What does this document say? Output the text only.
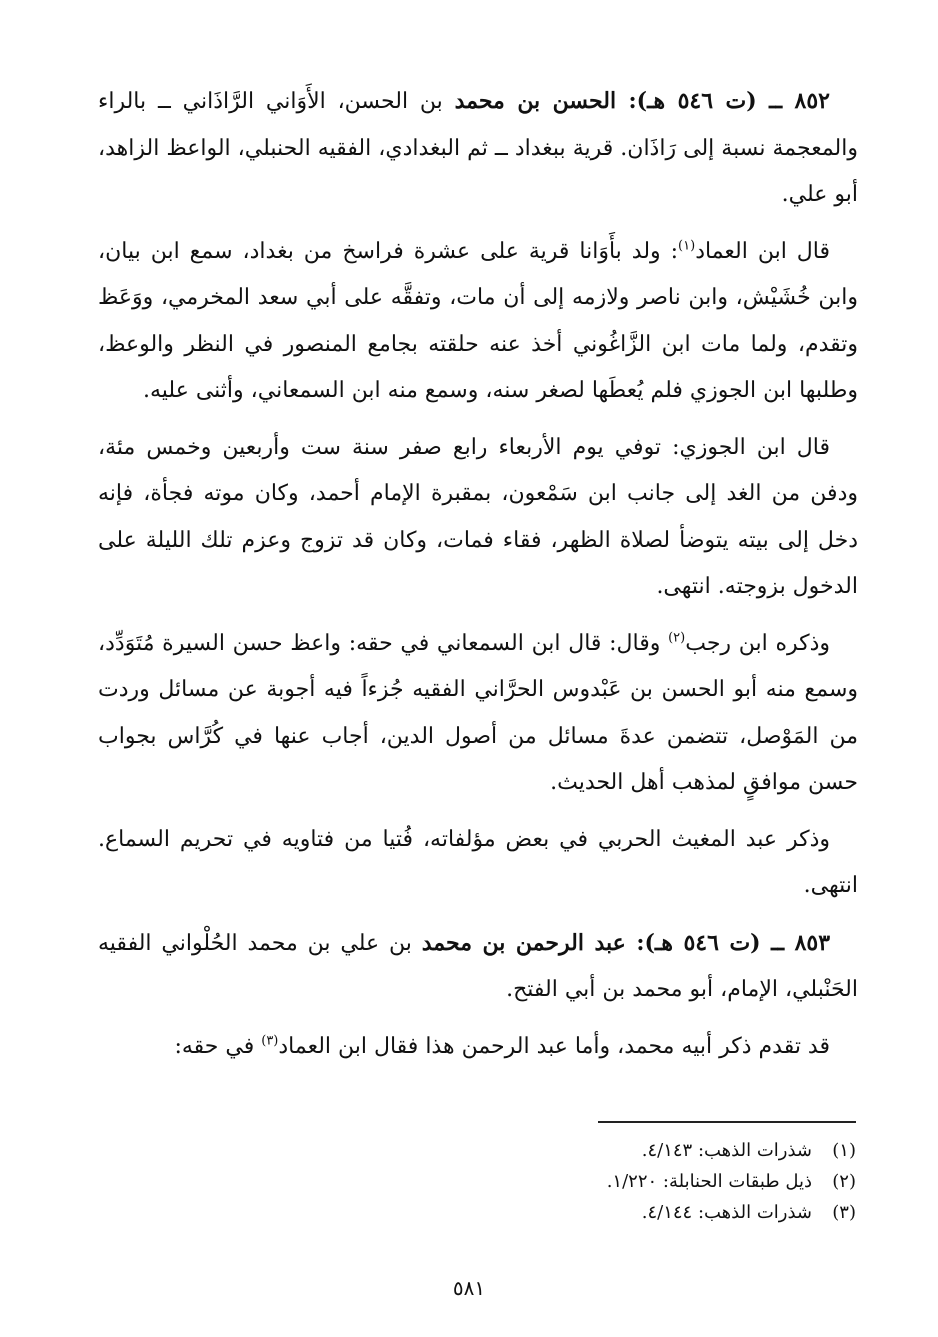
٨٥٢ ــ (ت ٥٤٦ هـ): الحسن بن محمد بن الحسن، الأَوَاني الرَّاذَاني ــ بالراء والمعجمة نسبة إلى رَاذَان. قرية ببغداد ــ ثم البغدادي، الفقيه الحنبلي، الواعظ الزاهد، أبو علي.

قال ابن العماد$^{(١)}$: ولد بأَوَانا قرية على عشرة فراسخ من بغداد، سمع ابن بيان، وابن خُشَيْش، وابن ناصر ولازمه إلى أن مات، وتفقَّه على أبي سعد المخرمي، ووَعَظ وتقدم، ولما مات ابن الزَّاغُوني أخذ عنه حلقته بجامع المنصور في النظر والوعظ، وطلبها ابن الجوزي فلم يُعطَها لصغر سنه، وسمع منه ابن السمعاني، وأثنى عليه.

قال ابن الجوزي: توفي يوم الأربعاء رابع صفر سنة ست وأربعين وخمس مئة، ودفن من الغد إلى جانب ابن سَمْعون، بمقبرة الإمام أحمد، وكان موته فجأة، فإنه دخل إلى بيته يتوضأ لصلاة الظهر، فقاء فمات، وكان قد تزوج وعزم تلك الليلة على الدخول بزوجته. انتهى.

وذكره ابن رجب$^{(٢)}$ وقال: قال ابن السمعاني في حقه: واعظ حسن السيرة مُتَوَدِّد، وسمع منه أبو الحسن بن عَبْدوس الحرَّاني الفقيه جُزءاً فيه أجوبة عن مسائل وردت من المَوْصل، تتضمن عدةَ مسائل من أصول الدين، أجاب عنها في كُرَّاس بجواب حسن موافقٍ لمذهب أهل الحديث.

وذكر عبد المغيث الحربي في بعض مؤلفاته، فُتيا من فتاويه في تحريم السماع. انتهى.

٨٥٣ ــ (ت ٥٤٦ هـ): عبد الرحمن بن محمد بن علي بن محمد الحُلْواني الفقيه الحَنْبلي، الإمام، أبو محمد بن أبي الفتح.

قد تقدم ذكر أبيه محمد، وأما عبد الرحمن هذا فقال ابن العماد$^{(٣)}$ في حقه:

(١)
شذرات الذهب: ٤/١٤٣.
(٢)
ذيل طبقات الحنابلة: ١/٢٢٠.
(٣)
شذرات الذهب: ٤/١٤٤.
٥٨١
